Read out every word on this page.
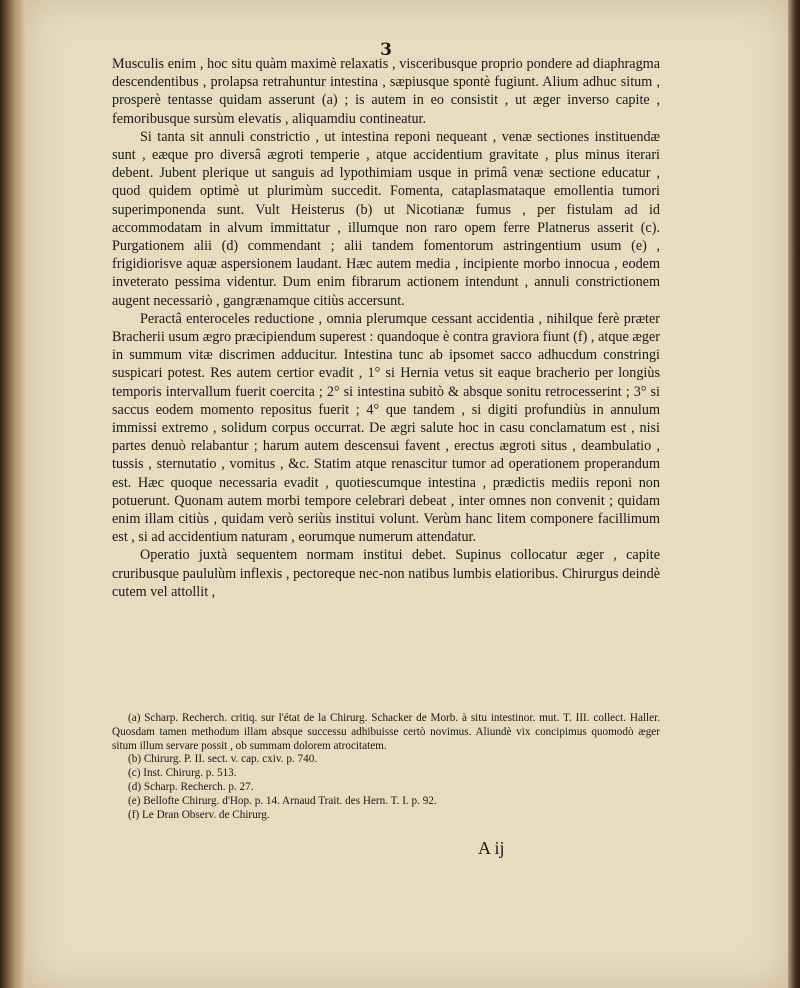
3

Musculis enim , hoc situ quàm maximè relaxatis , visceribusque proprio pondere ad diaphragma descendentibus , prolapsa retrahuntur intestina , sæpiusque spontè fugiunt. Alium adhuc situm , prosperè tentasse quidam asserunt (a) ; is autem in eo consistit , ut æger inverso capite , femoribusque sursùm elevatis , aliquamdiu contineatur.

Si tanta sit annuli constrictio , ut intestina reponi nequeant , venæ sectiones instituendæ sunt , eæque pro diversâ ægroti temperie , atque accidentium gravitate , plus minus iterari debent. Jubent plerique ut sanguis ad lypothimiam usque in primâ venæ sectione educatur , quod quidem optimè ut plurimùm succedit. Fomenta, cataplasmataque emollentia tumori superimponenda sunt. Vult Heisterus (b) ut Nicotianæ fumus , per fistulam ad id accommodatam in alvum immittatur , illumque non raro opem ferre Platnerus asserit (c). Purgationem alii (d) commendant ; alii tandem fomentorum astringentium usum (e) , frigidiorisve aquæ aspersionem laudant. Hæc autem media , incipiente morbo innocua , eodem inveterato pessima videntur. Dum enim fibrarum actionem intendunt , annuli constrictionem augent necessariò , gangrænamque citiùs accersunt.

Peractâ enteroceles reductione , omnia plerumque cessant accidentia , nihilque ferè præter Bracherii usum ægro præcipiendum superest : quandoque è contra graviora fiunt (f) , atque æger in summum vitæ discrimen adducitur. Intestina tunc ab ipsomet sacco adhucdum constringi suspicari potest. Res autem certior evadit , 1° si Hernia vetus sit eaque bracherio per longiùs temporis intervallum fuerit coercita ; 2° si intestina subitò & absque sonitu retrocesserint ; 3° si saccus eodem momento repositus fuerit ; 4° que tandem , si digiti profundiùs in annulum immissi extremo , solidum corpus occurrat. De ægri salute hoc in casu conclamatum est , nisi partes denuò relabantur ; harum autem descensui favent , erectus ægroti situs , deambulatio , tussis , sternutatio , vomitus , &c. Statim atque renascitur tumor ad operationem properandum est. Hæc quoque necessaria evadit , quotiescumque intestina , prædictis mediis reponi non potuerunt. Quonam autem morbi tempore celebrari debeat , inter omnes non convenit ; quidam enim illam citiùs , quidam verò seriùs institui volunt. Verùm hanc litem componere facillimum est , si ad accidentium naturam , eorumque numerum attendatur.

Operatio juxtà sequentem normam institui debet. Supinus collocatur æger , capite cruribusque paululùm inflexis , pectoreque nec-non natibus lumbis elatioribus. Chirurgus deindè cutem vel attollit ,

(a) Scharp. Recherch. critiq. sur l'état de la Chirurg. Schacker de Morb. à situ intestinor. mut. T. III. collect. Haller. Quosdam tamen methodum illam absque successu adhibuisse certò novimus. Aliundè vix concipimus quomodò æger situm illum servare possit , ob summam dolorem atrocitatem.

(b) Chirurg. P. II. sect. v. cap. cxiv. p. 740.

(c) Inst. Chirurg. p. 513.

(d) Scharp. Recherch. p. 27.

(e) Bellofte Chirurg. d'Hop. p. 14. Arnaud Trait. des Hern. T. I. p. 92.

(f) Le Dran Observ. de Chirurg.

A ij
